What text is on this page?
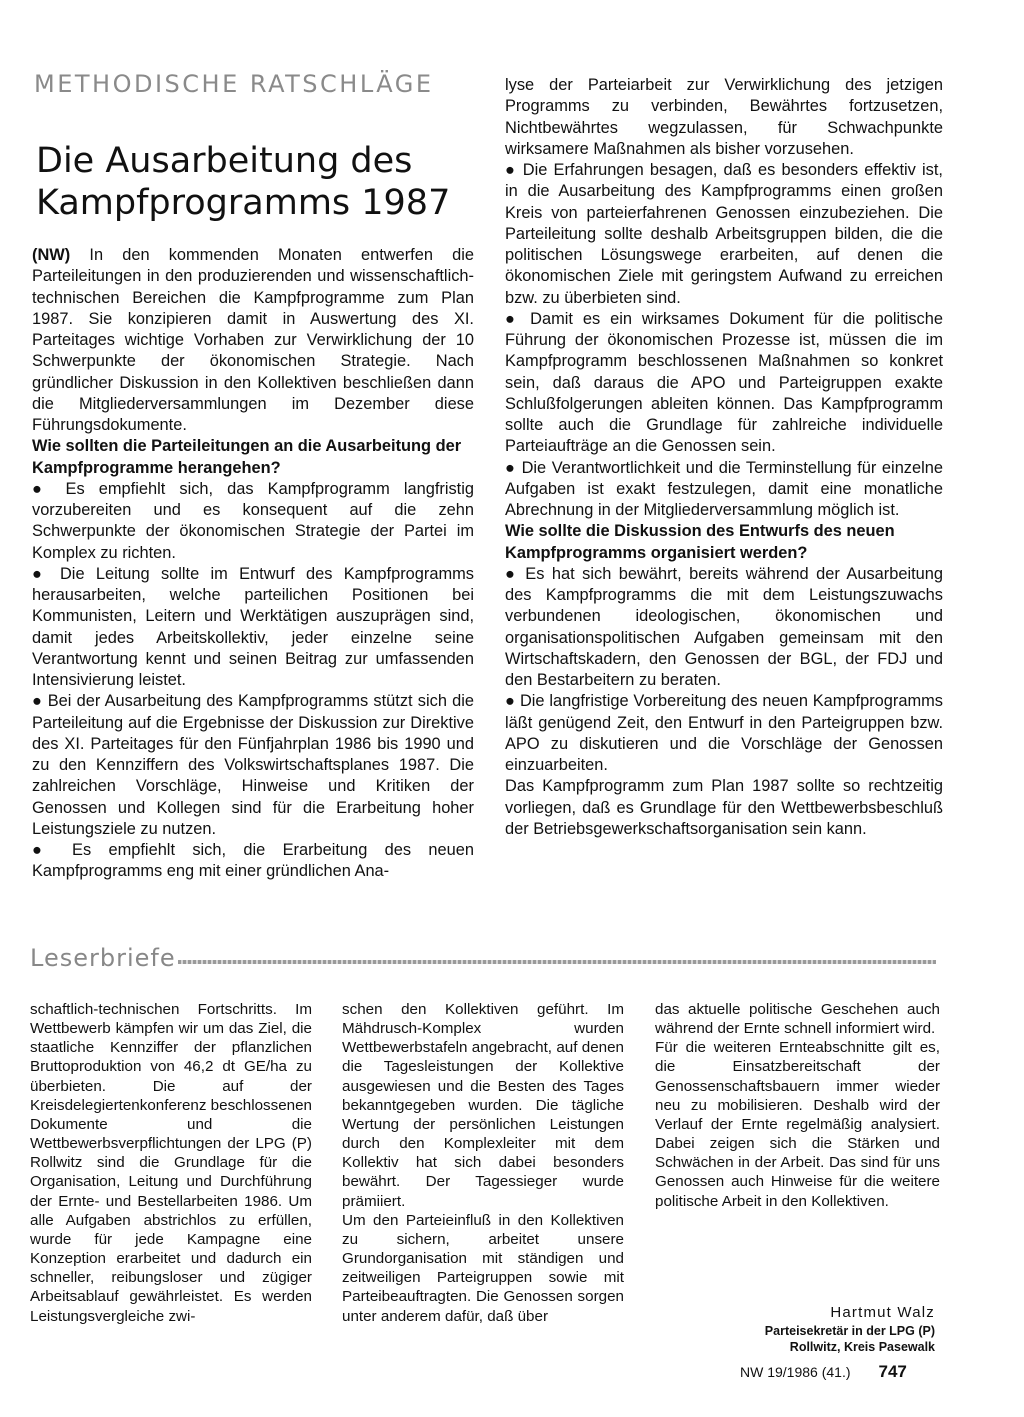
METHODISCHE RATSCHLÄGE
Die Ausarbeitung des
Kampfprogramms 1987

(NW) In den kommenden Monaten entwerfen die Parteileitungen in den produzierenden und wissenschaftlich-technischen Bereichen die Kampfprogramme zum Plan 1987. Sie konzipieren damit in Auswertung des XI. Parteitages wichtige Vorhaben zur Verwirklichung der 10 Schwerpunkte der ökonomischen Strategie. Nach gründlicher Diskussion in den Kollektiven beschließen dann die Mitgliederversammlungen im Dezember diese Führungsdokumente.

Wie sollten die Parteileitungen an die Ausarbeitung der Kampfprogramme herangehen?

● Es empfiehlt sich, das Kampfprogramm langfristig vorzubereiten und es konsequent auf die zehn Schwerpunkte der ökonomischen Strategie der Partei im Komplex zu richten.

● Die Leitung sollte im Entwurf des Kampfprogramms herausarbeiten, welche parteilichen Positionen bei Kommunisten, Leitern und Werktätigen auszuprägen sind, damit jedes Arbeitskollektiv, jeder einzelne seine Verantwortung kennt und seinen Beitrag zur umfassenden Intensivierung leistet.

● Bei der Ausarbeitung des Kampfprogramms stützt sich die Parteileitung auf die Ergebnisse der Diskussion zur Direktive des XI. Parteitages für den Fünfjahrplan 1986 bis 1990 und zu den Kennziffern des Volkswirtschaftsplanes 1987. Die zahlreichen Vorschläge, Hinweise und Kritiken der Genossen und Kollegen sind für die Erarbeitung hoher Leistungsziele zu nutzen.

● Es empfiehlt sich, die Erarbeitung des neuen Kampfprogramms eng mit einer gründlichen Ana-

lyse der Parteiarbeit zur Verwirklichung des jetzigen Programms zu verbinden, Bewährtes fortzusetzen, Nichtbewährtes wegzulassen, für Schwachpunkte wirksamere Maßnahmen als bisher vorzusehen.

● Die Erfahrungen besagen, daß es besonders effektiv ist, in die Ausarbeitung des Kampfprogramms einen großen Kreis von parteierfahrenen Genossen einzubeziehen. Die Parteileitung sollte deshalb Arbeitsgruppen bilden, die die politischen Lösungswege erarbeiten, auf denen die ökonomischen Ziele mit geringstem Aufwand zu erreichen bzw. zu überbieten sind.

● Damit es ein wirksames Dokument für die politische Führung der ökonomischen Prozesse ist, müssen die im Kampfprogramm beschlossenen Maßnahmen so konkret sein, daß daraus die APO und Parteigruppen exakte Schlußfolgerungen ableiten können. Das Kampfprogramm sollte auch die Grundlage für zahlreiche individuelle Parteiaufträge an die Genossen sein.

● Die Verantwortlichkeit und die Terminstellung für einzelne Aufgaben ist exakt festzulegen, damit eine monatliche Abrechnung in der Mitgliederversammlung möglich ist.

Wie sollte die Diskussion des Entwurfs des neuen Kampfprogramms organisiert werden?

● Es hat sich bewährt, bereits während der Ausarbeitung des Kampfprogramms die mit dem Leistungszuwachs verbundenen ideologischen, ökonomischen und organisationspolitischen Aufgaben gemeinsam mit den Wirtschaftskadern, den Genossen der BGL, der FDJ und den Bestarbeitern zu beraten.

● Die langfristige Vorbereitung des neuen Kampfprogramms läßt genügend Zeit, den Entwurf in den Parteigruppen bzw. APO zu diskutieren und die Vorschläge der Genossen einzuarbeiten.

Das Kampfprogramm zum Plan 1987 sollte so rechtzeitig vorliegen, daß es Grundlage für den Wettbewerbsbeschluß der Betriebsgewerkschaftsorganisation sein kann.

Leserbriefe

schaftlich-technischen Fortschritts. Im Wettbewerb kämpfen wir um das Ziel, die staatliche Kennziffer der pflanzlichen Bruttoproduktion von 46,2 dt GE/ha zu überbieten. Die auf der Kreisdelegiertenkonferenz beschlossenen Dokumente und die Wettbewerbsverpflichtungen der LPG (P) Rollwitz sind die Grundlage für die Organisation, Leitung und Durchführung der Ernte- und Bestellarbeiten 1986. Um alle Aufgaben abstrichlos zu erfüllen, wurde für jede Kampagne eine Konzeption erarbeitet und dadurch ein schneller, reibungsloser und zügiger Arbeitsablauf gewährleistet. Es werden Leistungsvergleiche zwi-

schen den Kollektiven geführt. Im Mähdrusch-Komplex wurden Wettbewerbstafeln angebracht, auf denen die Tagesleistungen der Kollektive ausgewiesen und die Besten des Tages bekanntgegeben wurden. Die tägliche Wertung der persönlichen Leistungen durch den Komplexleiter mit dem Kollektiv hat sich dabei besonders bewährt. Der Tagessieger wurde prämiiert.

Um den Parteieinfluß in den Kollektiven zu sichern, arbeitet unsere Grundorganisation mit ständigen und zeitweiligen Parteigruppen sowie mit Parteibeauftragten. Die Genossen sorgen unter anderem dafür, daß über

das aktuelle politische Geschehen auch während der Ernte schnell informiert wird.

Für die weiteren Ernteabschnitte gilt es, die Einsatzbereitschaft der Genossenschaftsbauern immer wieder neu zu mobilisieren. Deshalb wird der Verlauf der Ernte regelmäßig analysiert. Dabei zeigen sich die Stärken und Schwächen in der Arbeit. Das sind für uns Genossen auch Hinweise für die weitere politische Arbeit in den Kollektiven.

Hartmut Walz
Parteisekretär in der LPG (P)
Rollwitz, Kreis Pasewalk
NW 19/1986 (41.) 747
